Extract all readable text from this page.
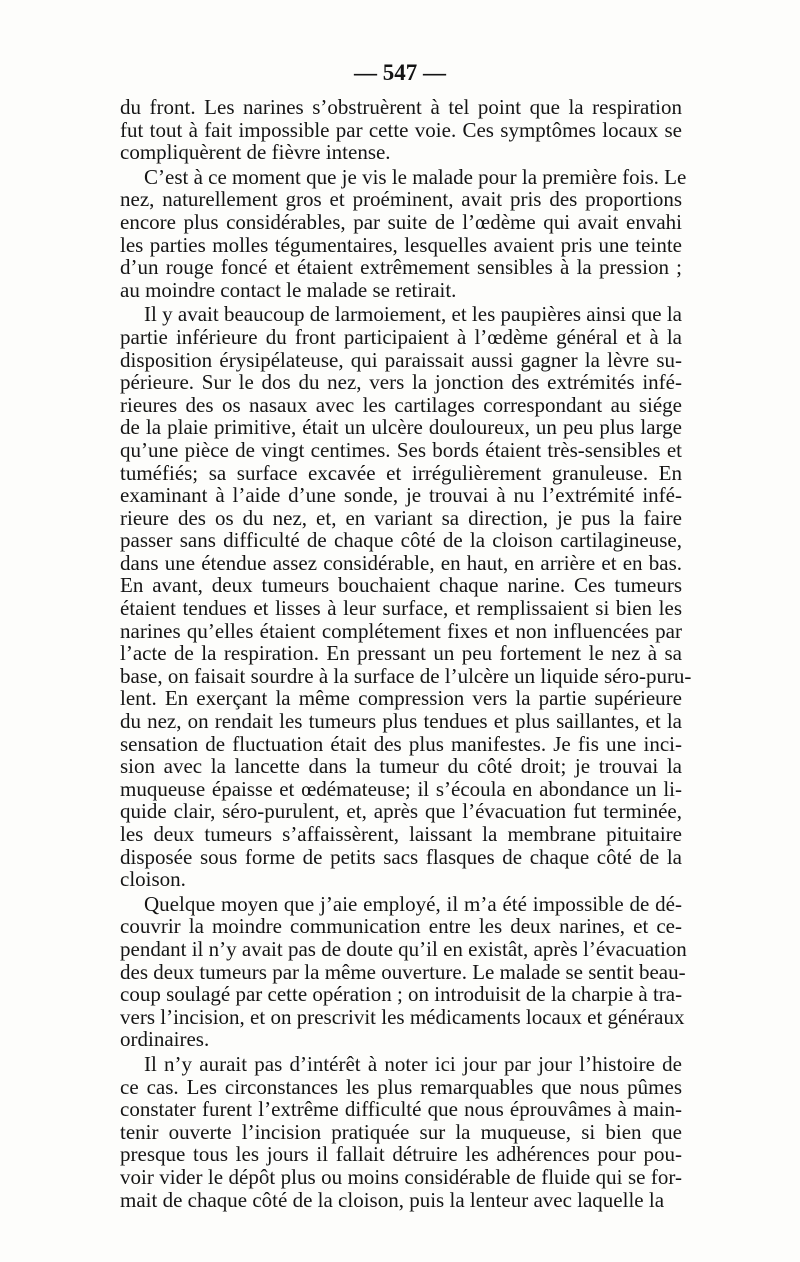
— 547 —
du front. Les narines s’obstruèrent à tel point que la respiration
fut tout à fait impossible par cette voie. Ces symptômes locaux se
compliquèrent de fièvre intense.
C’est à ce moment que je vis le malade pour la première fois. Le
nez, naturellement gros et proéminent, avait pris des proportions
encore plus considérables, par suite de l’œdème qui avait envahi
les parties molles tégumentaires, lesquelles avaient pris une teinte
d’un rouge foncé et étaient extrêmement sensibles à la pression ;
au moindre contact le malade se retirait.
Il y avait beaucoup de larmoiement, et les paupières ainsi que la
partie inférieure du front participaient à l’œdème général et à la
disposition érysipélateuse, qui paraissait aussi gagner la lèvre su-
périeure. Sur le dos du nez, vers la jonction des extrémités infé-
rieures des os nasaux avec les cartilages correspondant au siége
de la plaie primitive, était un ulcère douloureux, un peu plus large
qu’une pièce de vingt centimes. Ses bords étaient très-sensibles et
tuméfiés; sa surface excavée et irrégulièrement granuleuse. En
examinant à l’aide d’une sonde, je trouvai à nu l’extrémité infé-
rieure des os du nez, et, en variant sa direction, je pus la faire
passer sans difficulté de chaque côté de la cloison cartilagineuse,
dans une étendue assez considérable, en haut, en arrière et en bas.
En avant, deux tumeurs bouchaient chaque narine. Ces tumeurs
étaient tendues et lisses à leur surface, et remplissaient si bien les
narines qu’elles étaient complétement fixes et non influencées par
l’acte de la respiration. En pressant un peu fortement le nez à sa
base, on faisait sourdre à la surface de l’ulcère un liquide séro-puru-
lent. En exerçant la même compression vers la partie supérieure
du nez, on rendait les tumeurs plus tendues et plus saillantes, et la
sensation de fluctuation était des plus manifestes. Je fis une inci-
sion avec la lancette dans la tumeur du côté droit; je trouvai la
muqueuse épaisse et œdémateuse; il s’écoula en abondance un li-
quide clair, séro-purulent, et, après que l’évacuation fut terminée,
les deux tumeurs s’affaissèrent, laissant la membrane pituitaire
disposée sous forme de petits sacs flasques de chaque côté de la
cloison.
Quelque moyen que j’aie employé, il m’a été impossible de dé-
couvrir la moindre communication entre les deux narines, et ce-
pendant il n’y avait pas de doute qu’il en existât, après l’évacuation
des deux tumeurs par la même ouverture. Le malade se sentit beau-
coup soulagé par cette opération ; on introduisit de la charpie à tra-
vers l’incision, et on prescrivit les médicaments locaux et généraux
ordinaires.
Il n’y aurait pas d’intérêt à noter ici jour par jour l’histoire de
ce cas. Les circonstances les plus remarquables que nous pûmes
constater furent l’extrême difficulté que nous éprouvâmes à main-
tenir ouverte l’incision pratiquée sur la muqueuse, si bien que
presque tous les jours il fallait détruire les adhérences pour pou-
voir vider le dépôt plus ou moins considérable de fluide qui se for-
mait de chaque côté de la cloison, puis la lenteur avec laquelle la
